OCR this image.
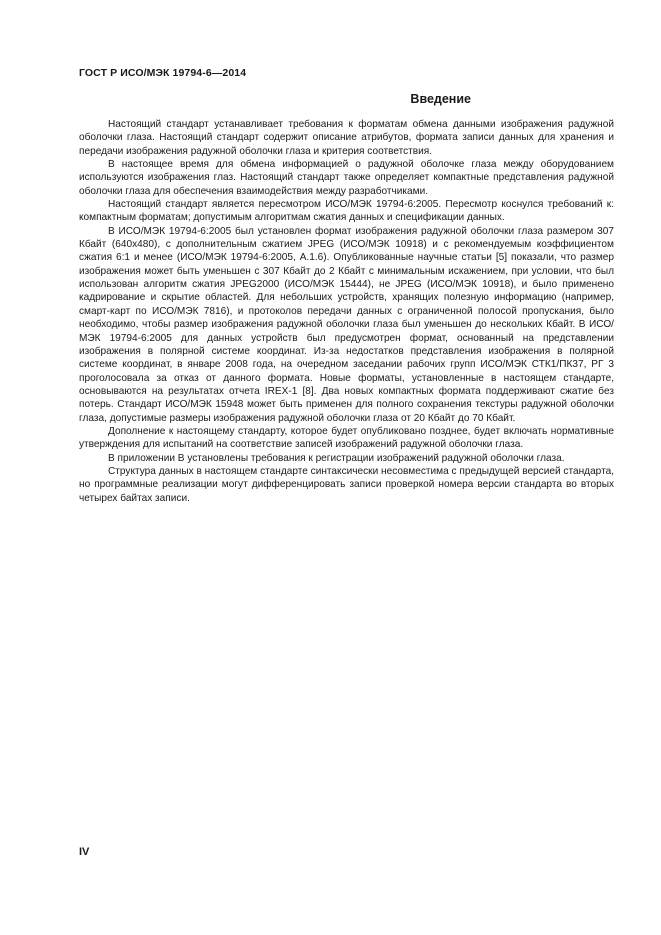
ГОСТ Р ИСО/МЭК 19794-6—2014
Введение

Настоящий стандарт устанавливает требования к форматам обмена данными изображения радужной оболочки глаза. Настоящий стандарт содержит описание атрибутов, формата записи данных для хранения и передачи изображения радужной оболочки глаза и критерия соответствия.

В настоящее время для обмена информацией о радужной оболочке глаза между оборудованием используются изображения глаз. Настоящий стандарт также определяет компактные представления радужной оболочки глаза для обеспечения взаимодействия между разработчиками.

Настоящий стандарт является пересмотром ИСО/МЭК 19794-6:2005. Пересмотр коснулся требований к: компактным форматам; допустимым алгоритмам сжатия данных и спецификации данных.

В ИСО/МЭК 19794-6:2005 был установлен формат изображения радужной оболочки глаза размером 307 Кбайт (640х480), с дополнительным сжатием JPEG (ИСО/МЭК 10918) и с рекомендуемым коэффициентом сжатия 6:1 и менее (ИСО/МЭК 19794-6:2005, А.1.6). Опубликованные научные статьи [5] показали, что размер изображения может быть уменьшен с 307 Кбайт до 2 Кбайт с минимальным искажением, при условии, что был использован алгоритм сжатия JPEG2000 (ИСО/МЭК 15444), не JPEG (ИСО/МЭК 10918), и было применено кадрирование и скрытие областей. Для небольших устройств, хранящих полезную информацию (например, смарт-карт по ИСО/МЭК 7816), и протоколов передачи данных с ограниченной полосой пропускания, было необходимо, чтобы размер изображения радужной оболочки глаза был уменьшен до нескольких Кбайт. В ИСО/МЭК 19794-6:2005 для данных устройств был предусмотрен формат, основанный на представлении изображения в полярной системе координат. Из-за недостатков представления изображения в полярной системе координат, в январе 2008 года, на очередном заседании рабочих групп ИСО/МЭК СТК1/ПК37, РГ 3 проголосовала за отказ от данного формата. Новые форматы, установленные в настоящем стандарте, основываются на результатах отчета IREX-1 [8]. Два новых компактных формата поддерживают сжатие без потерь. Стандарт ИСО/МЭК 15948 может быть применен для полного сохранения текстуры радужной оболочки глаза, допустимые размеры изображения радужной оболочки глаза от 20 Кбайт до 70 Кбайт.

Дополнение к настоящему стандарту, которое будет опубликовано позднее, будет включать нормативные утверждения для испытаний на соответствие записей изображений радужной оболочки глаза.

В приложении В установлены требования к регистрации изображений радужной оболочки глаза.

Структура данных в настоящем стандарте синтаксически несовместима с предыдущей версией стандарта, но программные реализации могут дифференцировать записи проверкой номера версии стандарта во вторых четырех байтах записи.

IV
